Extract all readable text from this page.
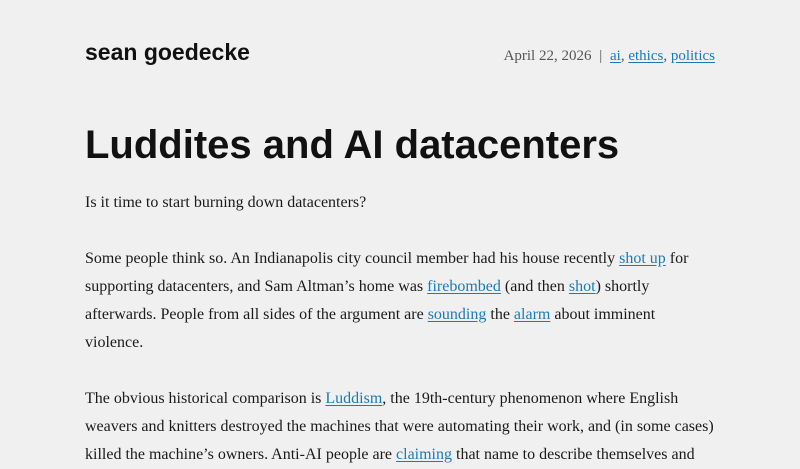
sean goedecke	April 22, 2026 | ai, ethics, politics
Luddites and AI datacenters

Is it time to start burning down datacenters?

Some people think so. An Indianapolis city council member had his house recently shot up for supporting datacenters, and Sam Altman’s home was firebombed (and then shot) shortly afterwards. People from all sides of the argument are sounding the alarm about imminent violence.

The obvious historical comparison is Luddism, the 19th-century phenomenon where English weavers and knitters destroyed the machines that were automating their work, and (in some cases) killed the machine’s owners. Anti-AI people are claiming that name to describe themselves and
